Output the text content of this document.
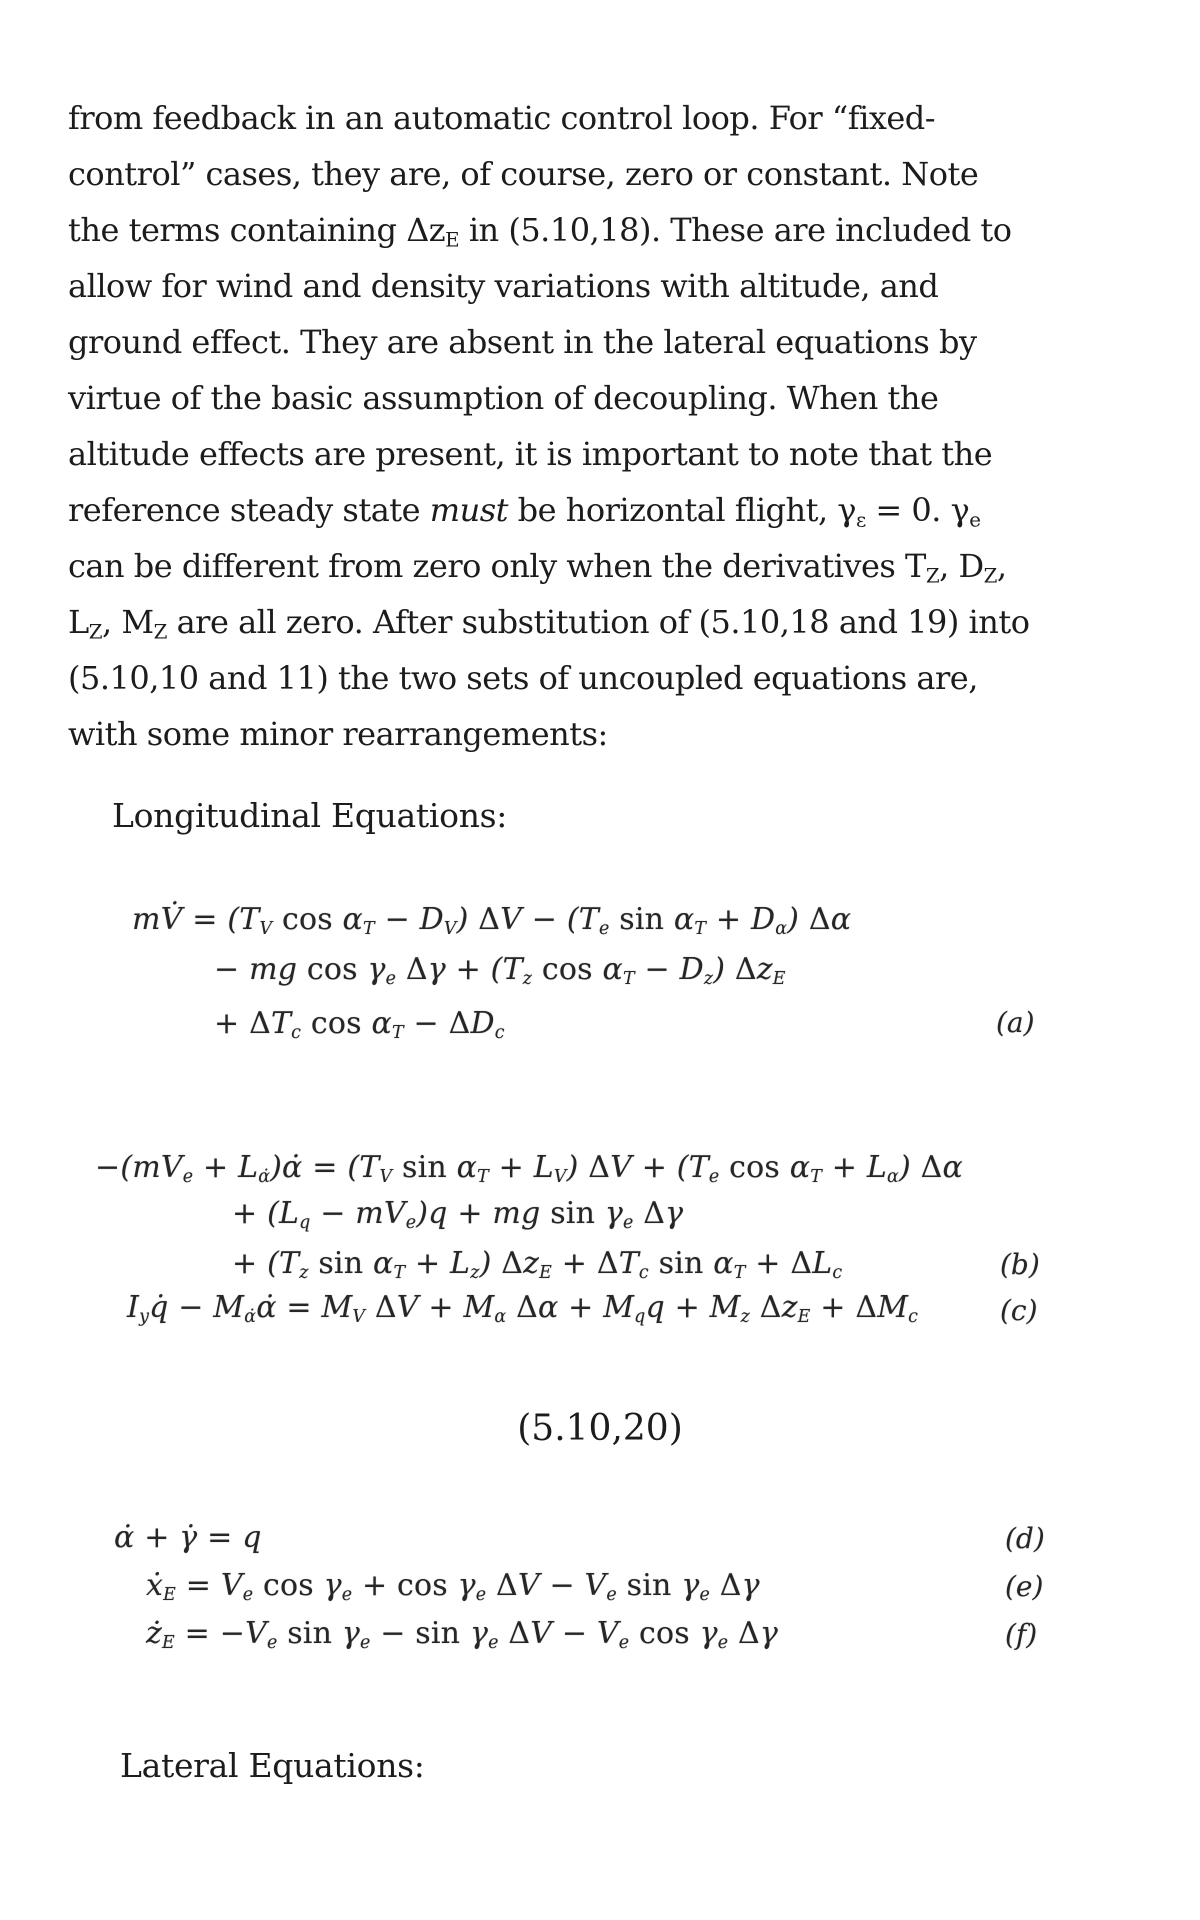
from feedback in an automatic control loop. For “fixed-
control” cases, they are, of course, zero or constant. Note
the terms containing $\Delta z_E$ in (5.10,18). These are included to
allow for wind and density variations with altitude, and
ground effect. They are absent in the lateral equations by
virtue of the basic assumption of decoupling. When the
altitude effects are present, it is important to note that the
reference steady state must be horizontal flight, $\gamma_\varepsilon = 0$. $\gamma_e$
can be different from zero only when the derivatives $T_Z$, $D_Z$,
$L_Z$, $M_Z$ are all zero. After substitution of (5.10,18 and 19) into
(5.10,10 and 11) the two sets of uncoupled equations are,
with some minor rearrangements:
Longitudinal Equations:
mV̇ = ($T_V$ $\cos \alpha_T - D_V$) $\Delta V - (T_e$ $\sin \alpha_T + D_\alpha$) Δα
− mg $\cos \gamma_e$ $\Delta\gamma + (T_z$ $\cos \alpha_T - D_z$) $\Delta z_E$
+ $\Delta T_c$ $\cos \alpha_T - \Delta D_c$	(a)
$-(mV_e$ + $L_{\alphȧ})\alphȧ = (T_V$ $\sin \alpha_T + L_V$) $\Delta V + (T_e$ $\cos \alpha_T + L_\alpha$) Δα
+ $(L_q - mV_e)q$ + mg $\sin \gamma_e$ Δγ
+ ($T_z$ $\sin \alpha_T + L_z$) $\Delta z_E + \Delta T_c$ $\sin \alpha_T + \Delta L_c$	(b)
$I_yq̇$ − $M_{\alphȧ}\alphȧ = M_V$ $\Delta V + M_\alpha$ $\Delta\alpha + M_qq + M_z$ $\Delta z_E + \Delta M_c$	(c)
(5.10,20)
α̇ + γ̇ = q	(d)
$ẋ_E = V_e$ $\cos \gamma_e + \cos \gamma_e$ $\Delta V - V_e$ $\sin \gamma_e$ Δγ	(e)
$ż_E = -V_e$ $\sin \gamma_e - \sin \gamma_e$ $\Delta V - V_e$ $\cos \gamma_e$ Δγ	(f)
Lateral Equations:
